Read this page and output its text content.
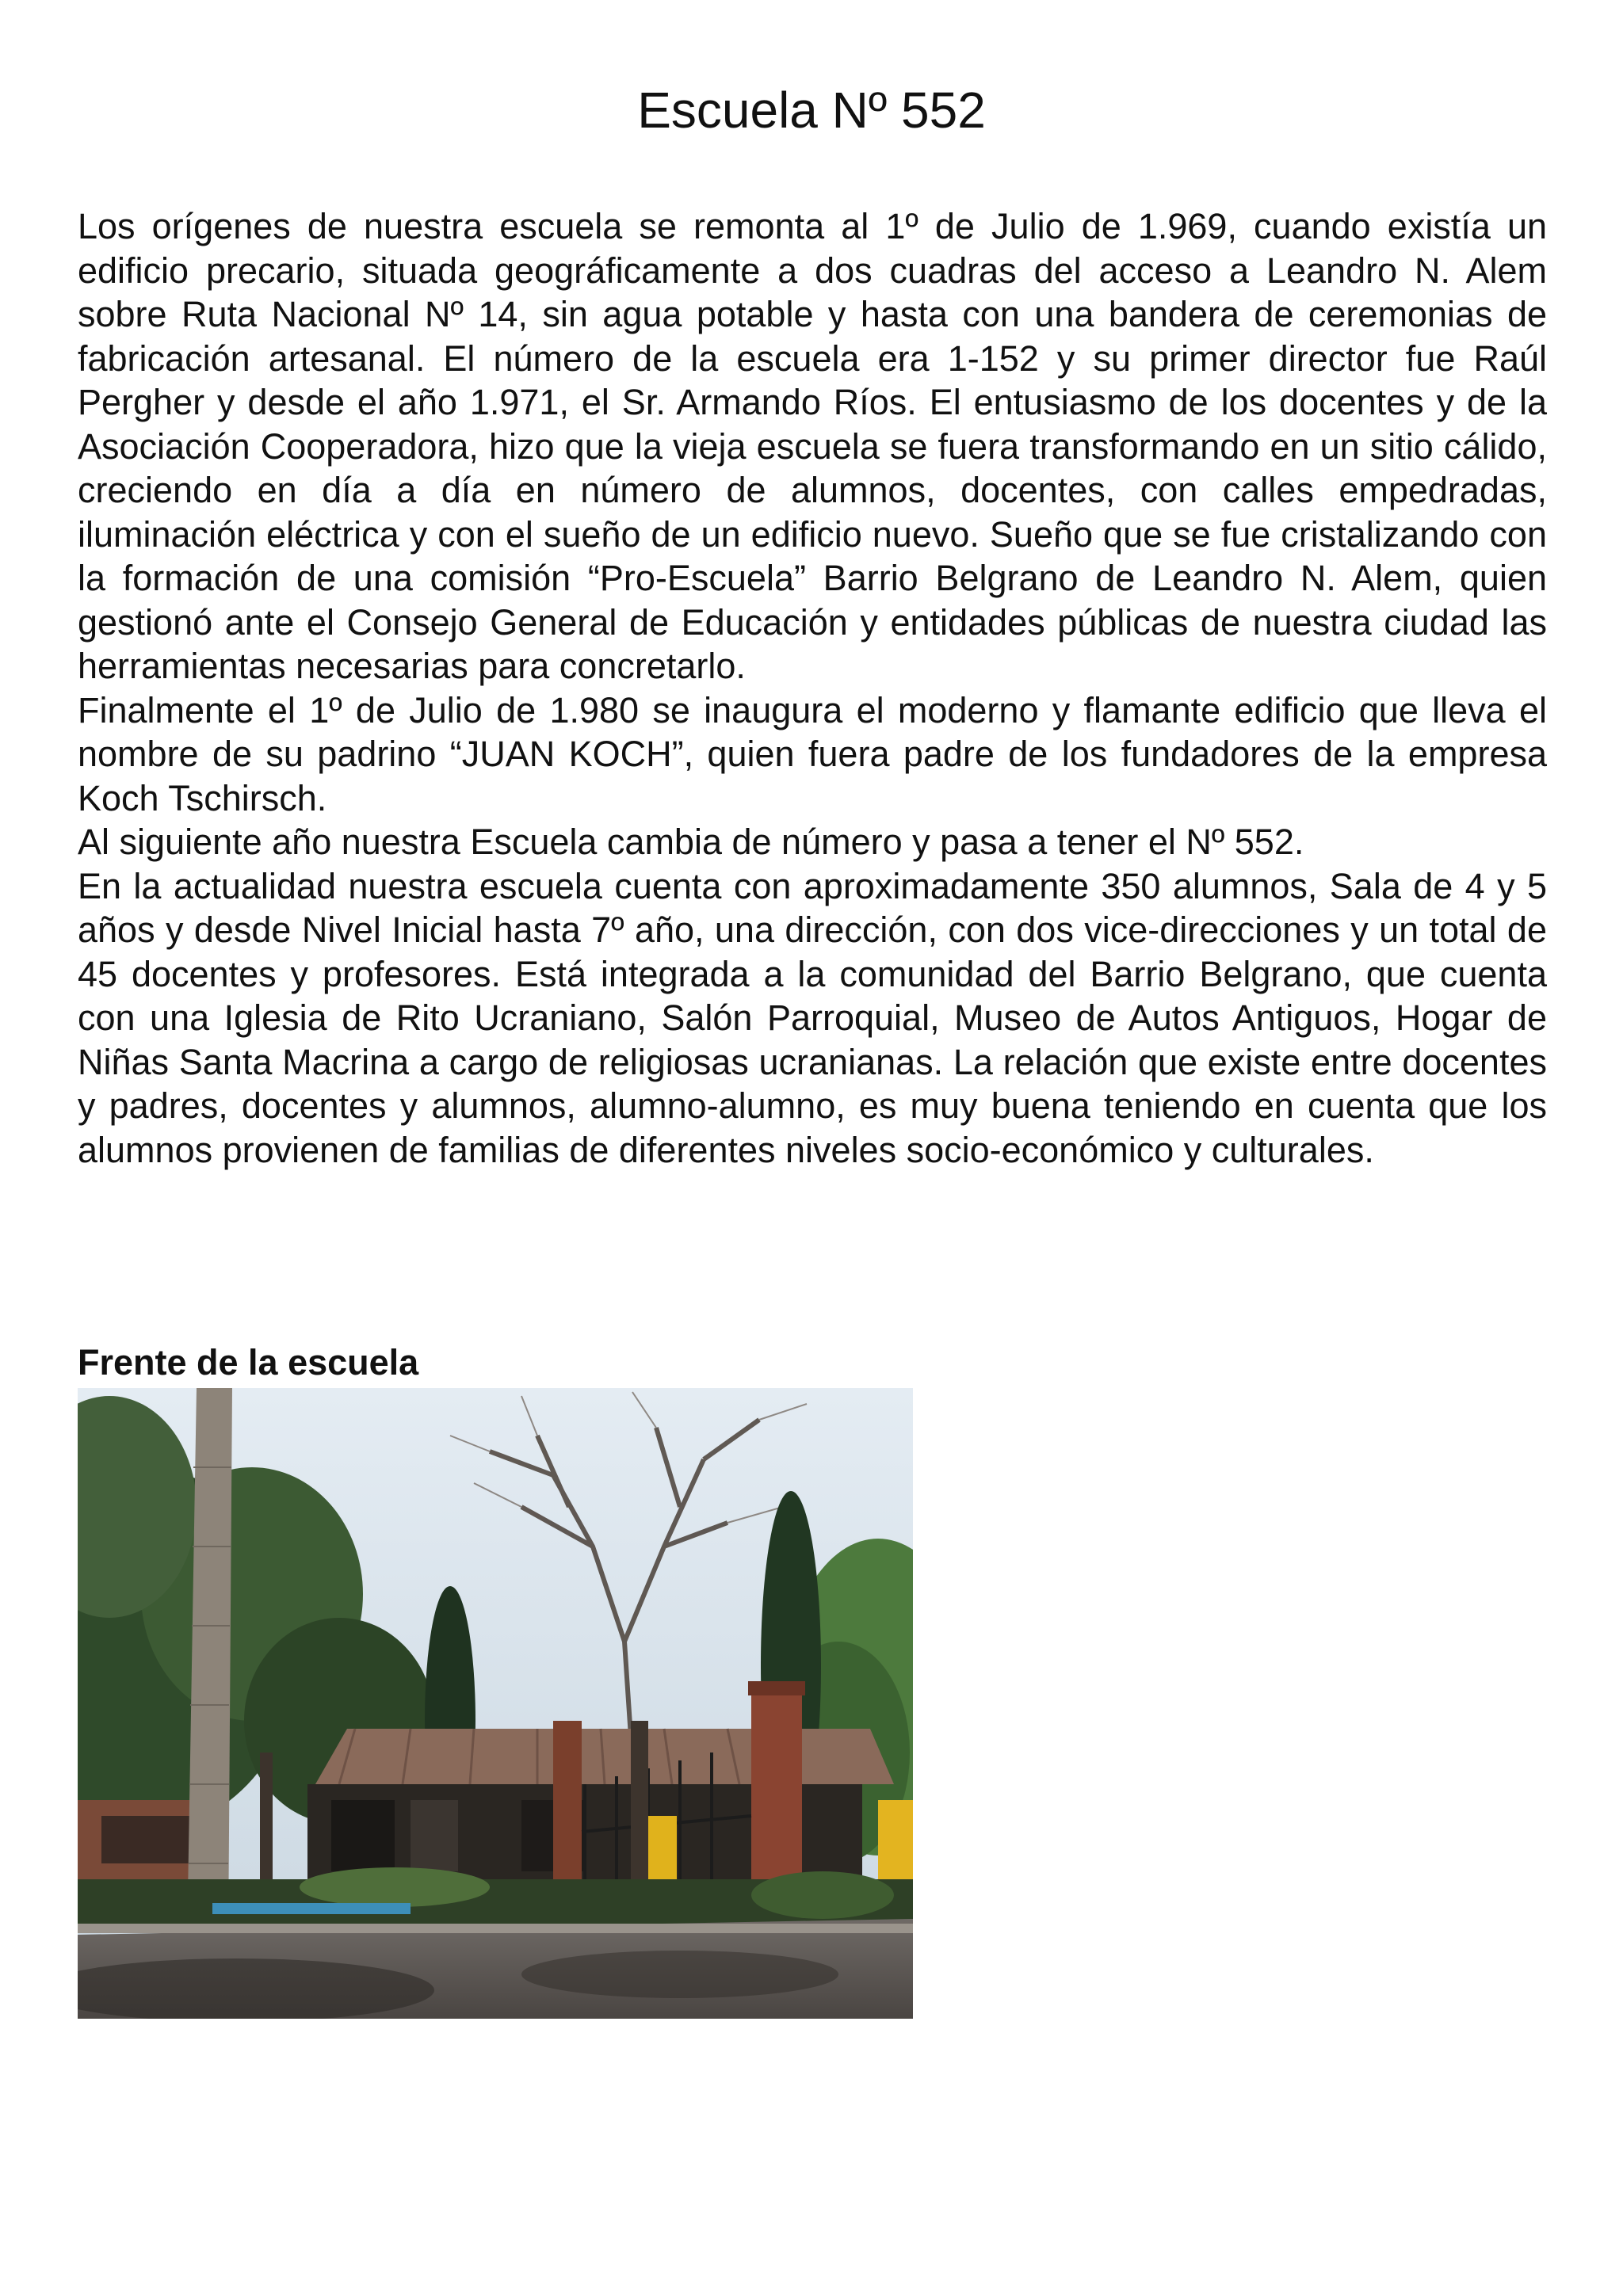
Escuela Nº 552

Los orígenes de nuestra escuela se remonta al 1º de Julio de 1.969, cuando existía un edificio precario, situada geográficamente a dos cuadras del acceso a Leandro N. Alem sobre Ruta Nacional Nº 14, sin agua potable y hasta con una bandera de ceremonias de fabricación artesanal. El número de la escuela era 1-152 y su primer director fue Raúl Pergher y desde el año 1.971, el Sr. Armando Ríos. El entusiasmo de los docentes y de la Asociación Cooperadora, hizo que la vieja escuela se fuera transformando en un sitio cálido, creciendo en día a día en número de alumnos, docentes, con calles empedradas, iluminación eléctrica y con el sueño de un edificio nuevo. Sueño que se fue cristalizando con la formación de una comisión “Pro-Escuela” Barrio Belgrano de Leandro N. Alem, quien gestionó ante el Consejo General de Educación y entidades públicas de nuestra ciudad las herramientas necesarias para concretarlo.

Finalmente el 1º de Julio de 1.980 se inaugura el moderno y flamante edificio que lleva el nombre de su padrino “JUAN KOCH”, quien fuera padre de los fundadores de la empresa Koch Tschirsch.

Al siguiente año nuestra Escuela cambia de número y pasa a tener el Nº 552.

En la actualidad nuestra escuela cuenta con aproximadamente 350 alumnos, Sala de 4 y 5 años y desde Nivel Inicial hasta 7º año, una dirección, con dos vice-direcciones y un total de 45 docentes y profesores. Está integrada a la comunidad del Barrio Belgrano, que cuenta con una Iglesia de Rito Ucraniano, Salón Parroquial, Museo de Autos Antiguos, Hogar de Niñas Santa Macrina a cargo de religiosas ucranianas. La relación que existe entre docentes y padres, docentes y alumnos, alumno-alumno, es muy buena teniendo en cuenta que los alumnos provienen de familias de diferentes niveles socio-económico y culturales.

Frente de la escuela
